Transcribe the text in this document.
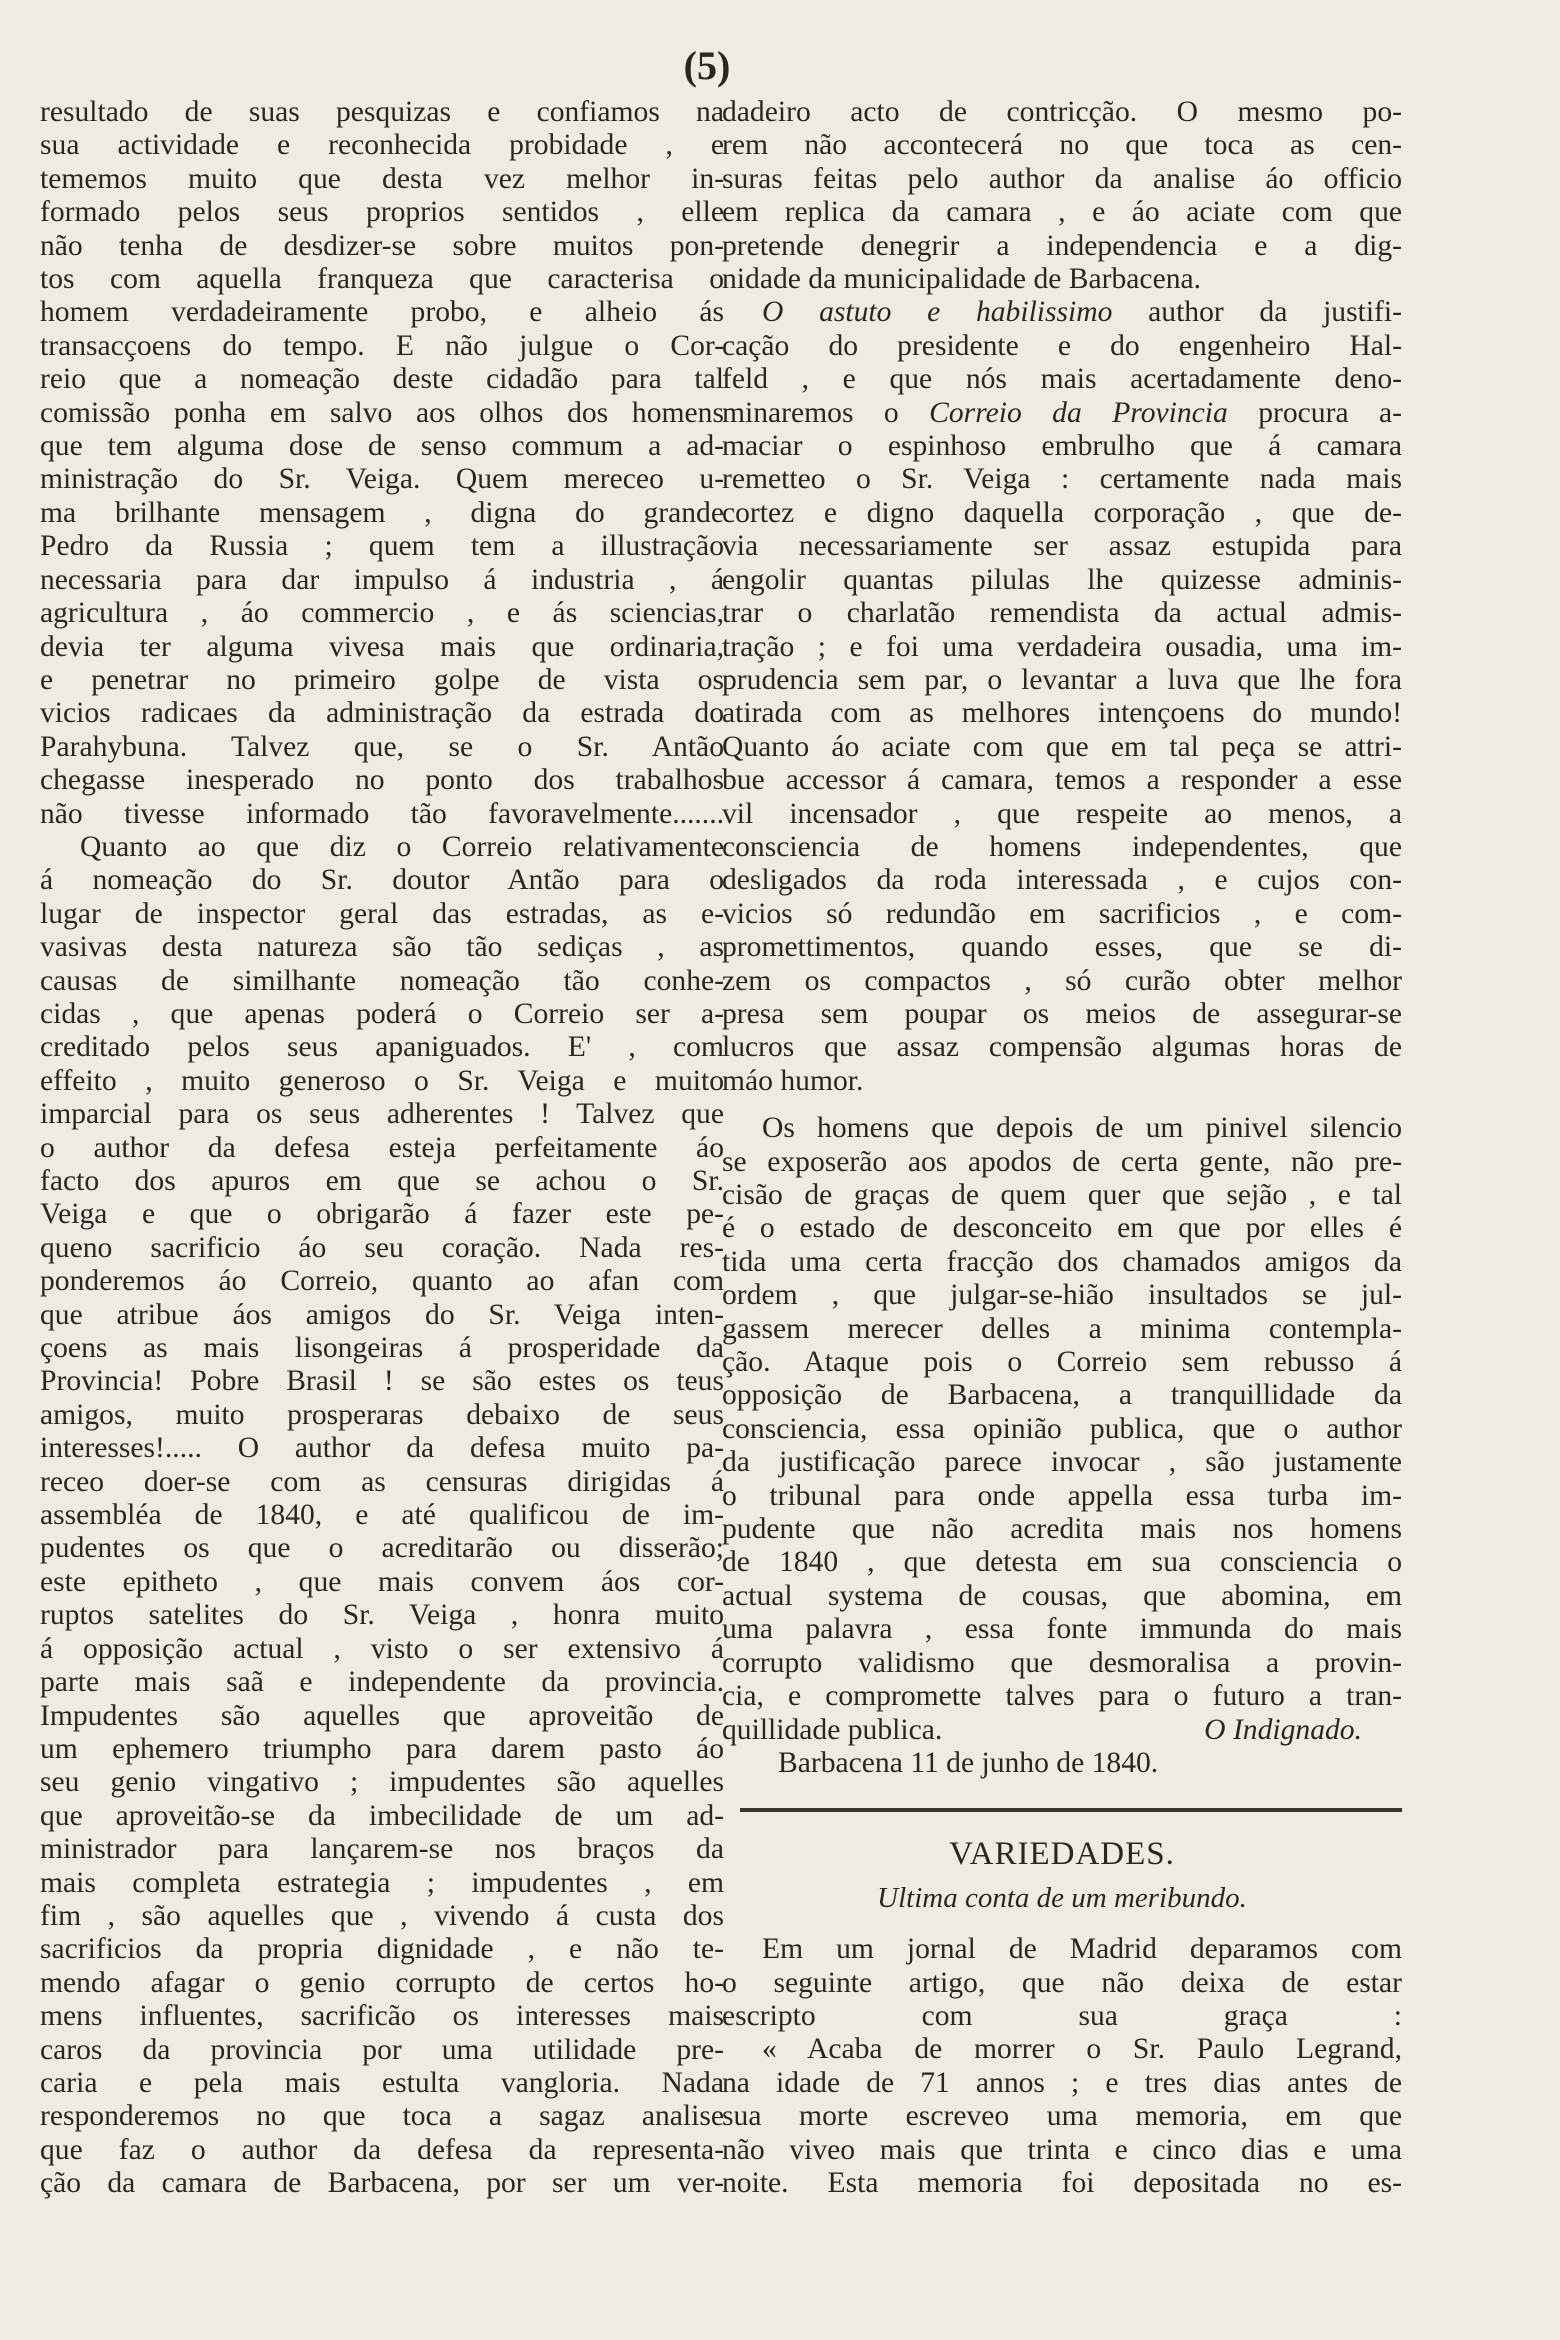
(5)
resultado de suas pesquizas e confiamos na
sua actividade e reconhecida probidade , e
tememos muito que desta vez melhor in-
formado pelos seus proprios sentidos , elle
não tenha de desdizer-se sobre muitos pon-
tos com aquella franqueza que caracterisa o
homem verdadeiramente probo, e alheio ás
transacçoens do tempo. E não julgue o Cor-
reio que a nomeação deste cidadão para tal
comissão ponha em salvo aos olhos dos homens
que tem alguma dose de senso commum a ad-
ministração do Sr. Veiga. Quem mereceo u-
ma brilhante mensagem , digna do grande
Pedro da Russia ; quem tem a illustração
necessaria para dar impulso á industria , á
agricultura , áo commercio , e ás sciencias,
devia ter alguma vivesa mais que ordinaria,
e penetrar no primeiro golpe de vista os
vicios radicaes da administração da estrada do
Parahybuna. Talvez que, se o Sr. Antão
chegasse inesperado no ponto dos trabalhos
não tivesse informado tão favoravelmente.......
Quanto ao que diz o Correio relativamente
á nomeação do Sr. doutor Antão para o
lugar de inspector geral das estradas, as e-
vasivas desta natureza são tão sediças , as
causas de similhante nomeação tão conhe-
cidas , que apenas poderá o Correio ser a-
creditado pelos seus apaniguados. E' , com
effeito , muito generoso o Sr. Veiga e muito
imparcial para os seus adherentes ! Talvez que
o author da defesa esteja perfeitamente áo
facto dos apuros em que se achou o Sr.
Veiga e que o obrigarão á fazer este pe-
queno sacrificio áo seu coração. Nada res-
ponderemos áo Correio, quanto ao afan com
que atribue áos amigos do Sr. Veiga inten-
çoens as mais lisongeiras á prosperidade da
Provincia! Pobre Brasil ! se são estes os teus
amigos, muito prosperaras debaixo de seus
interesses!..... O author da defesa muito pa-
receo doer-se com as censuras dirigidas á
assembléa de 1840, e até qualificou de im-
pudentes os que o acreditarão ou disserão;
este epitheto , que mais convem áos cor-
ruptos satelites do Sr. Veiga , honra muito
á opposição actual , visto o ser extensivo á
parte mais saã e independente da provincia.
Impudentes são aquelles que aproveitão de
um ephemero triumpho para darem pasto áo
seu genio vingativo ; impudentes são aquelles
que aproveitão-se da imbecilidade de um ad-
ministrador para lançarem-se nos braços da
mais completa estrategia ; impudentes , em
fim , são aquelles que , vivendo á custa dos
sacrificios da propria dignidade , e não te-
mendo afagar o genio corrupto de certos ho-
mens influentes, sacrificão os interesses mais
caros da provincia por uma utilidade pre-
caria e pela mais estulta vangloria. Nada
responderemos no que toca a sagaz analise
que faz o author da defesa da representa-
ção da camara de Barbacena, por ser um ver-
dadeiro acto de contricção. O mesmo po-
rem não accontecerá no que toca as cen-
suras feitas pelo author da analise áo officio
em replica da camara , e áo aciate com que
pretende denegrir a independencia e a dig-
nidade da municipalidade de Barbacena.
O astuto e habilissimo author da justifi-
cação do presidente e do engenheiro Hal-
feld , e que nós mais acertadamente deno-
minaremos o Correio da Provincia procura a-
maciar o espinhoso embrulho que á camara
remetteo o Sr. Veiga : certamente nada mais
cortez e digno daquella corporação , que de-
via necessariamente ser assaz estupida para
engolir quantas pilulas lhe quizesse adminis-
trar o charlatão remendista da actual admis-
tração ; e foi uma verdadeira ousadia, uma im-
prudencia sem par, o levantar a luva que lhe fora
atirada com as melhores intençoens do mundo!
Quanto áo aciate com que em tal peça se attri-
bue accessor á camara, temos a responder a esse
vil incensador , que respeite ao menos, a
consciencia de homens independentes, que
desligados da roda interessada , e cujos con-
vicios só redundão em sacrificios , e com-
promettimentos, quando esses, que se di-
zem os compactos , só curão obter melhor
presa sem poupar os meios de assegurar-se
lucros que assaz compensão algumas horas de
máo humor.
Os homens que depois de um pinivel silencio
se exposerão aos apodos de certa gente, não pre-
cisão de graças de quem quer que sejão , e tal
é o estado de desconceito em que por elles é
tida uma certa fracção dos chamados amigos da
ordem , que julgar-se-hião insultados se jul-
gassem merecer delles a minima contempla-
ção. Ataque pois o Correio sem rebusso á
opposição de Barbacena, a tranquillidade da
consciencia, essa opinião publica, que o author
da justificação parece invocar , são justamente
o tribunal para onde appella essa turba im-
pudente que não acredita mais nos homens
de 1840 , que detesta em sua consciencia o
actual systema de cousas, que abomina, em
uma palavra , essa fonte immunda do mais
corrupto validismo que desmoralisa a provin-
cia, e compromette talves para o futuro a tran-
quillidade publica.	O Indignado.
Barbacena 11 de junho de 1840.
VARIEDADES.
Ultima conta de um meribundo.
Em um jornal de Madrid deparamos com
o seguinte artigo, que não deixa de estar
escripto com sua graça :
« Acaba de morrer o Sr. Paulo Legrand,
na idade de 71 annos ; e tres dias antes de
sua morte escreveo uma memoria, em que
não viveo mais que trinta e cinco dias e uma
noite. Esta memoria foi depositada no es-
